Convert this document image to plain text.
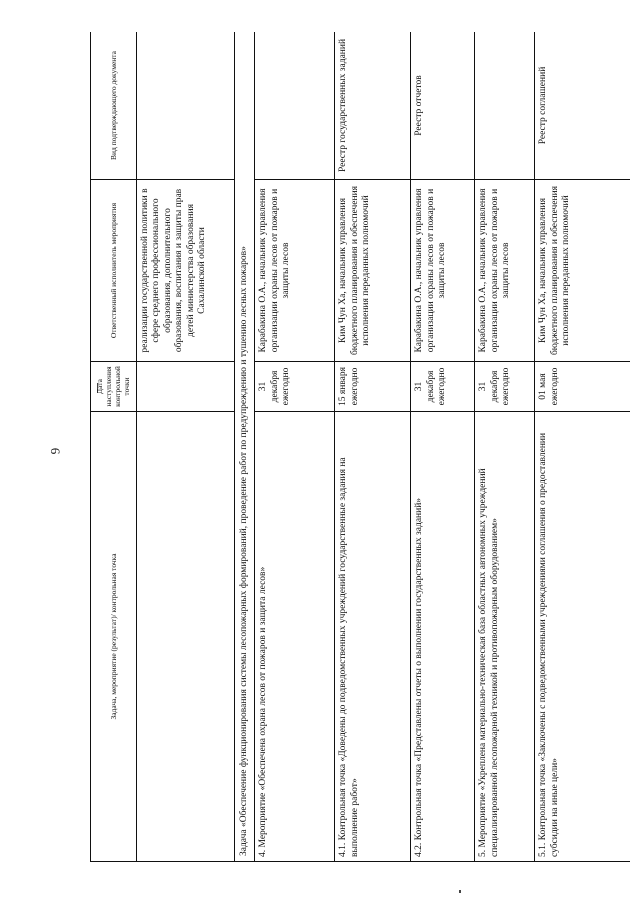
6
Задача, мероприятие (результат)/ контрольная точка	Дата наступления контрольной точки	Ответственный исполнитель мероприятия	Вид подтверждающего документа
		реализации государственной политики в сфере среднего профессионального образования, дополнительного образования, воспитания и защиты прав детей министерства образования Сахалинской области	
Задача «Обеспечение функционирования системы лесопожарных формирований, проведение работ по предупреждению и тушению лесных пожаров»			
4. Мероприятие «Обеспечена охрана лесов от пожаров и защита лесов»	31 декабря ежегодно	Карабакина О.А., начальник управления организации охраны лесов от пожаров и защиты лесов	
4.1. Контрольная точка «Доведены до подведомственных учреждений государственные задания на выполнение работ»	15 января ежегодно	Ким Чун Ха, начальник управления бюджетного планирования и обеспечения исполнения переданных полномочий	Реестр государственных заданий
4.2. Контрольная точка «Представлены отчеты о выполнении государственных заданий»	31 декабря ежегодно	Карабакина О.А., начальник управления организации охраны лесов от пожаров и защиты лесов	Реестр отчетов
5. Мероприятие «Укреплена материально-техническая база областных автономных учреждений специализированной лесопожарной техникой и противопожарным оборудованием»	31 декабря ежегодно	Карабакина О.А., начальник управления организации охраны лесов от пожаров и защиты лесов	
5.1. Контрольная точка «Заключены с подведомственными учреждениями соглашения о предоставлении субсидии на иные цели»	01 мая ежегодно	Ким Чун Ха, начальник управления бюджетного планирования и обеспечения исполнения переданных полномочий	Реестр соглашений
